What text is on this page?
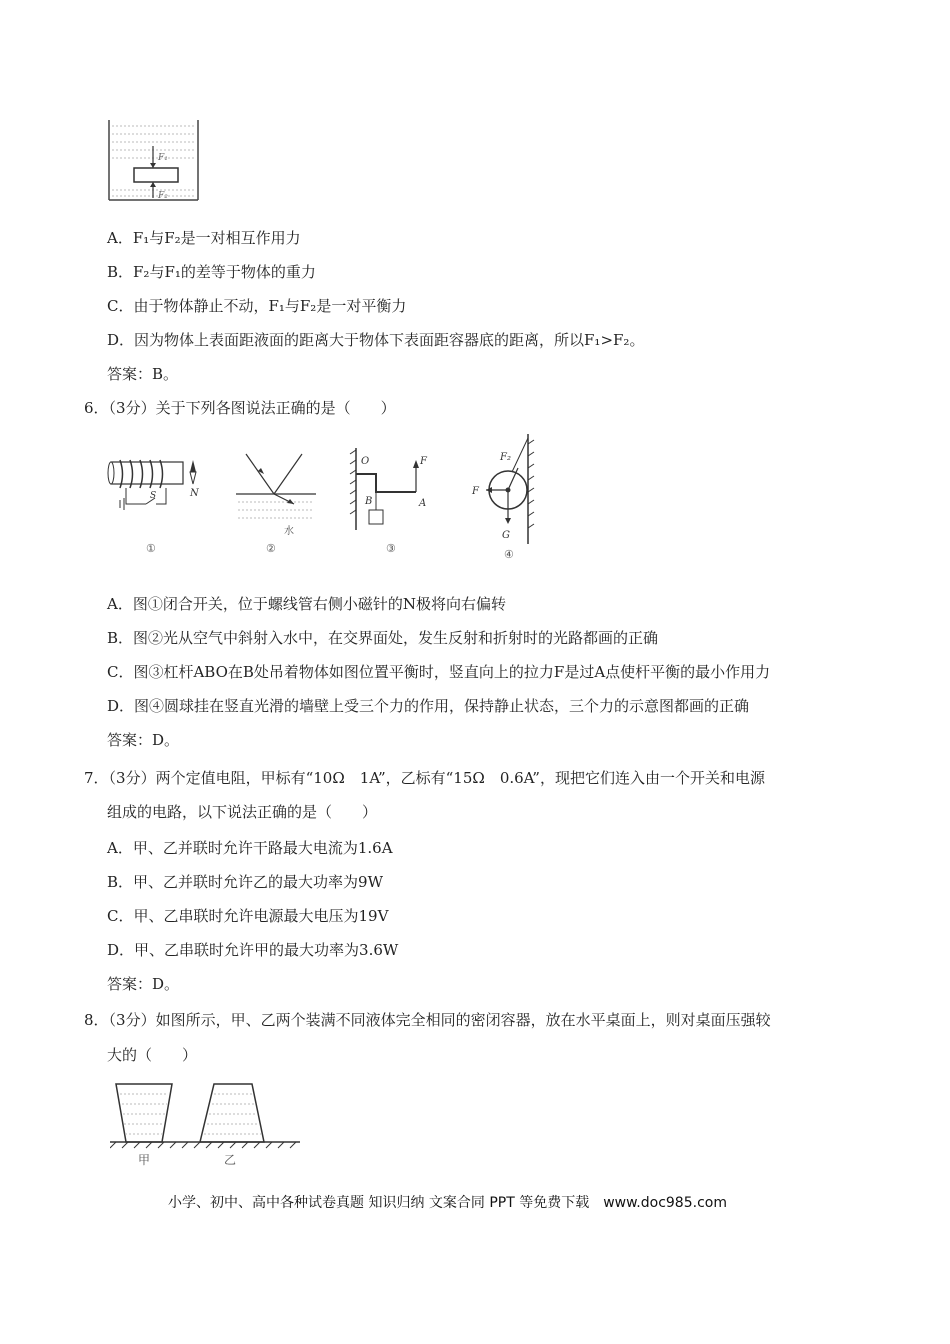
F₁
F₂
A．F₁与F₂是一对相互作用力
B．F₂与F₁的差等于物体的重力
C．由于物体静止不动，F₁与F₂是一对平衡力
D．因为物体上表面距液面的距离大于物体下表面距容器底的距离，所以F₁>F₂。
答案：B。
6．（3分）关于下列各图说法正确的是（　　）
N
S
①
水
②
O	F
B	A
③
F₂
F
G
④
A．图①闭合开关，位于螺线管右侧小磁针的N极将向右偏转
B．图②光从空气中斜射入水中，在交界面处，发生反射和折射时的光路都画的正确
C．图③杠杆ABO在B处吊着物体如图位置平衡时，竖直向上的拉力F是过A点使杆平衡的最小作用力
D．图④圆球挂在竖直光滑的墙壁上受三个力的作用，保持静止状态，三个力的示意图都画的正确
答案：D。
7．（3分）两个定值电阻，甲标有“10Ω　1A”，乙标有“15Ω　0.6A”，现把它们连入由一个开关和电源
组成的电路，以下说法正确的是（　　）
A．甲、乙并联时允许干路最大电流为1.6A
B．甲、乙并联时允许乙的最大功率为9W
C．甲、乙串联时允许电源最大电压为19V
D．甲、乙串联时允许甲的最大功率为3.6W
答案：D。
8．（3分）如图所示，甲、乙两个装满不同液体完全相同的密闭容器，放在水平桌面上，则对桌面压强较
大的（　　）
甲	乙
小学、初中、高中各种试卷真题 知识归纳 文案合同 PPT 等免费下载　www.doc985.com
